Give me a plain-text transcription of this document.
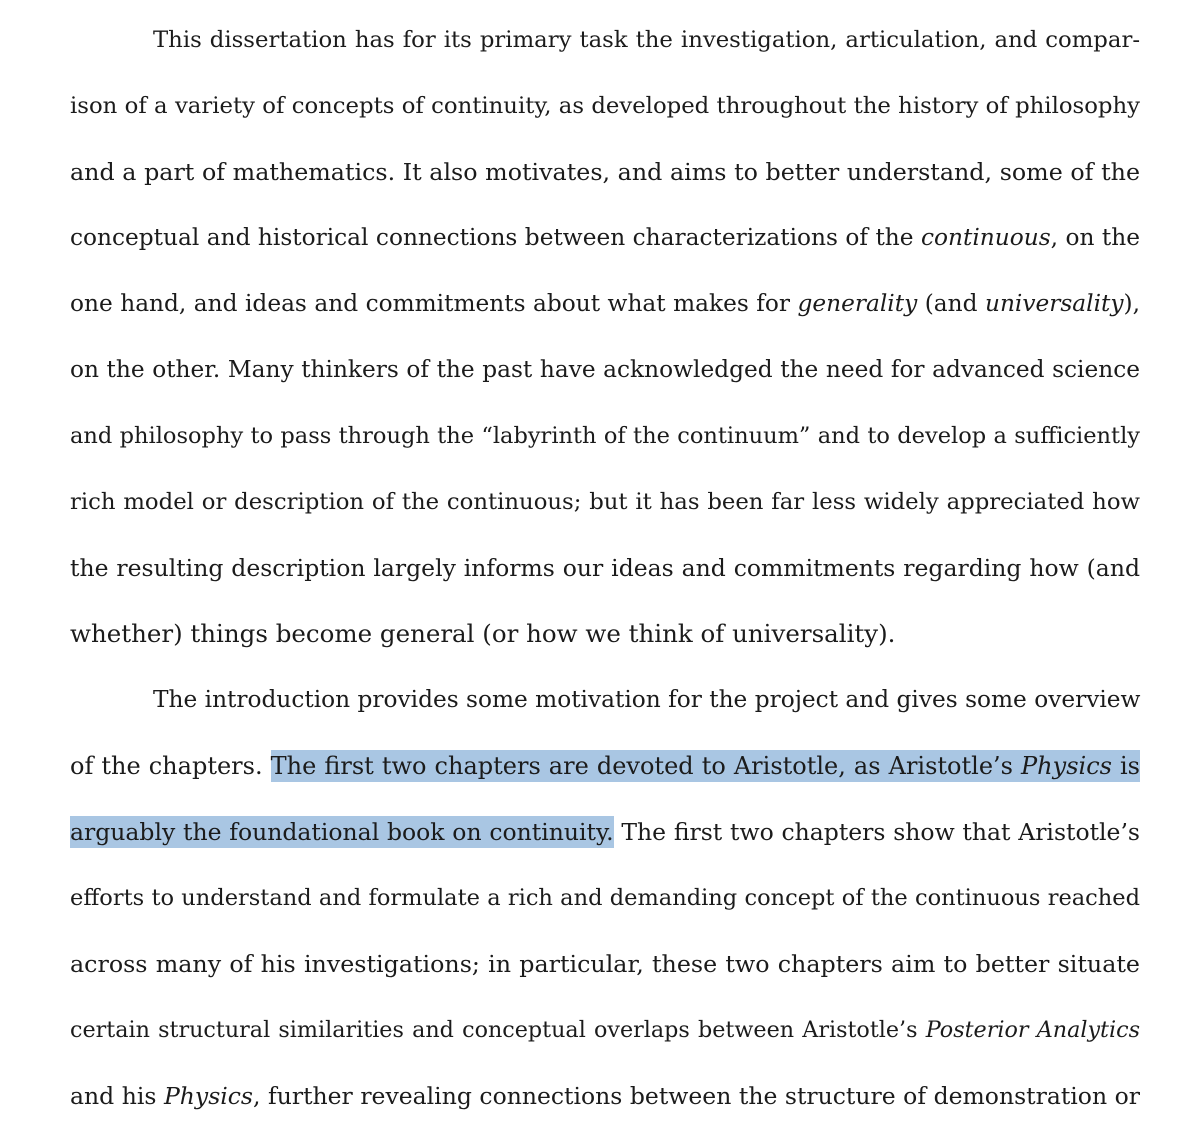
This dissertation has for its primary task the investigation, articulation, and compar-
ison of a variety of concepts of continuity, as developed throughout the history of philosophy
and a part of mathematics. It also motivates, and aims to better understand, some of the
conceptual and historical connections between characterizations of the continuous, on the
one hand, and ideas and commitments about what makes for generality (and universality),
on the other. Many thinkers of the past have acknowledged the need for advanced science
and philosophy to pass through the “labyrinth of the continuum” and to develop a sufficiently
rich model or description of the continuous; but it has been far less widely appreciated how
the resulting description largely informs our ideas and commitments regarding how (and
whether) things become general (or how we think of universality).
The introduction provides some motivation for the project and gives some overview
of the chapters. The first two chapters are devoted to Aristotle, as Aristotle’s Physics is
arguably the foundational book on continuity. The first two chapters show that Aristotle’s
efforts to understand and formulate a rich and demanding concept of the continuous reached
across many of his investigations; in particular, these two chapters aim to better situate
certain structural similarities and conceptual overlaps between Aristotle’s Posterior Analytics
and his Physics, further revealing connections between the structure of demonstration or
